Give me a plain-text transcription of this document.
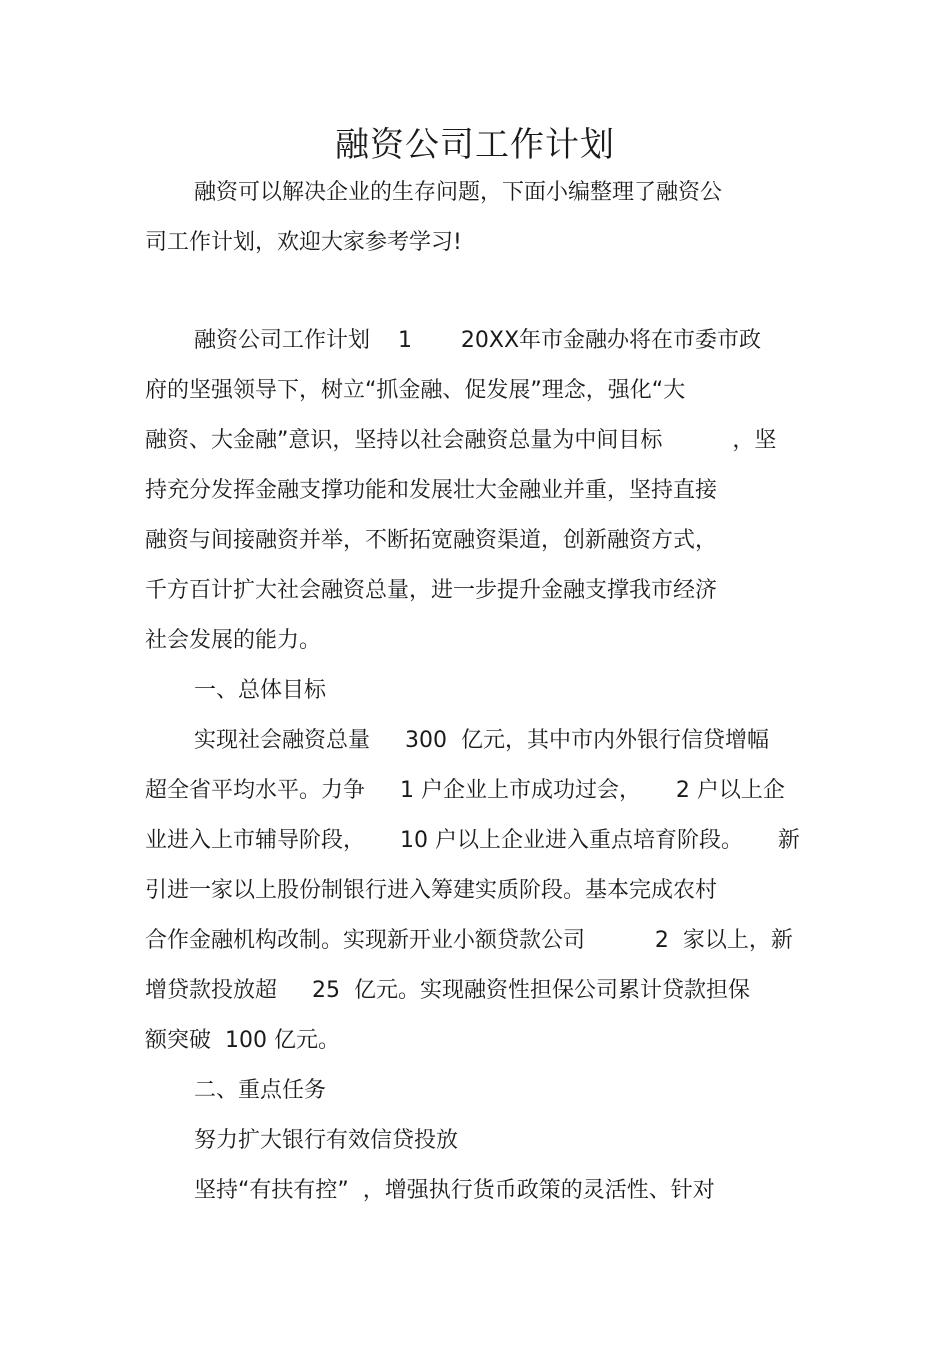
融资公司工作计划

融资可以解决企业的生存问题，下面小编整理了融资公

司工作计划，欢迎大家参考学习!

融资公司工作计划    1       20XX年市金融办将在市委市政

府的坚强领导下，树立“抓金融、促发展”理念，强化“大

融资、大金融”意识，坚持以社会融资总量为中间目标          ，坚

持充分发挥金融支撑功能和发展壮大金融业并重，坚持直接

融资与间接融资并举，不断拓宽融资渠道，创新融资方式，

千方百计扩大社会融资总量，进一步提升金融支撑我市经济

社会发展的能力。

一、总体目标

实现社会融资总量     300  亿元，其中市内外银行信贷增幅

超全省平均水平。力争     1 户企业上市成功过会，     2 户以上企

业进入上市辅导阶段，     10 户以上企业进入重点培育阶段。     新

引进一家以上股份制银行进入筹建实质阶段。基本完成农村

合作金融机构改制。实现新开业小额贷款公司          2  家以上，新

增贷款投放超     25  亿元。实现融资性担保公司累计贷款担保

额突破  100 亿元。

二、重点任务

努力扩大银行有效信贷投放

坚持“有扶有控”  ，增强执行货币政策的灵活性、针对
